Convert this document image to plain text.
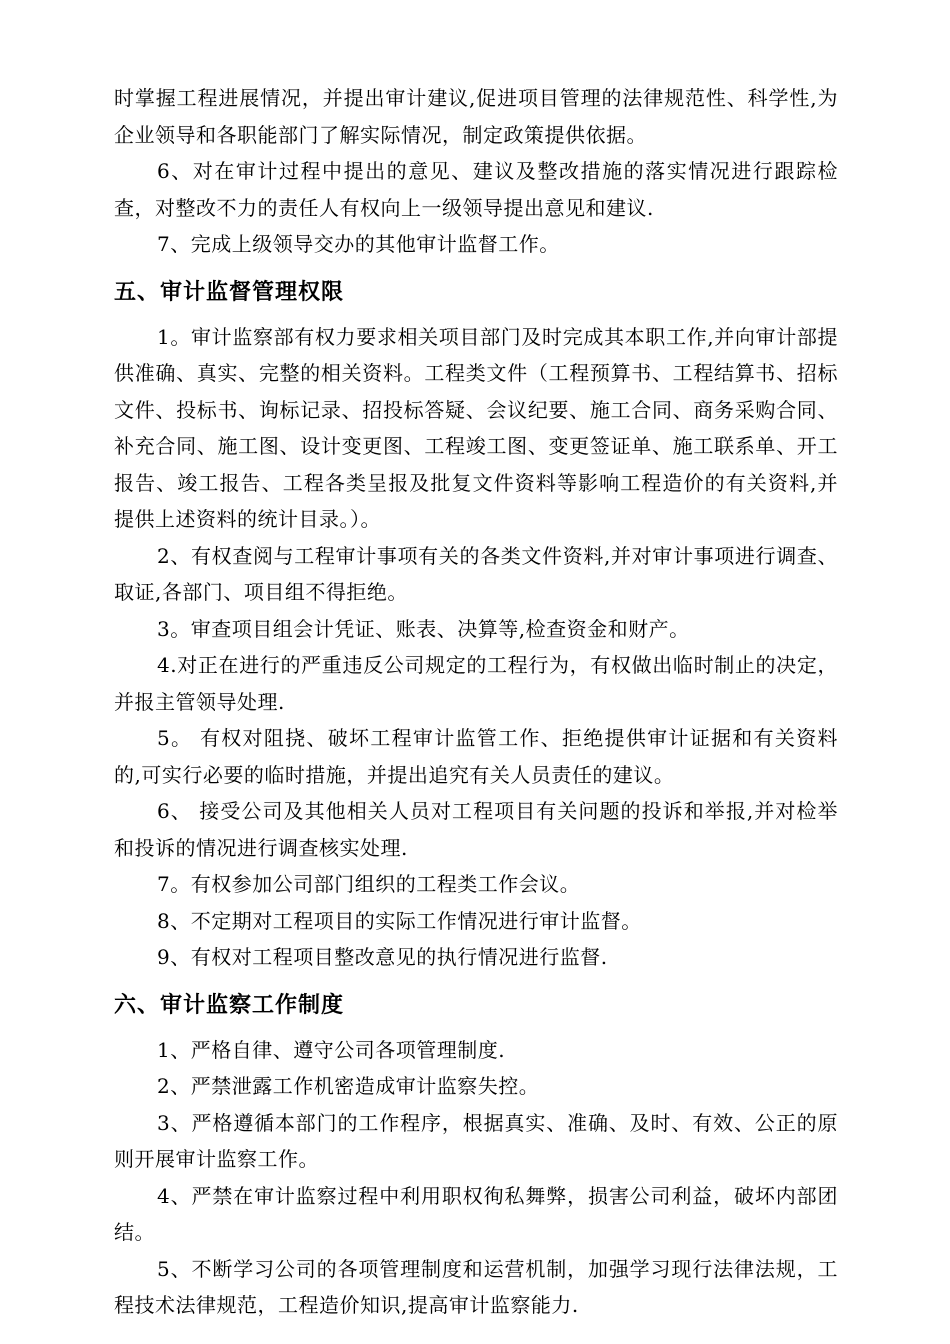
时掌握工程进展情况，并提出审计建议,促进项目管理的法律规范性、科学性,为企业领导和各职能部门了解实际情况，制定政策提供依据。

6、对在审计过程中提出的意见、建议及整改措施的落实情况进行跟踪检查，对整改不力的责任人有权向上一级领导提出意见和建议.

7、完成上级领导交办的其他审计监督工作。

五、审计监督管理权限

1。审计监察部有权力要求相关项目部门及时完成其本职工作,并向审计部提供准确、真实、完整的相关资料。工程类文件（工程预算书、工程结算书、招标文件、投标书、询标记录、招投标答疑、会议纪要、施工合同、商务采购合同、补充合同、施工图、设计变更图、工程竣工图、变更签证单、施工联系单、开工报告、竣工报告、工程各类呈报及批复文件资料等影响工程造价的有关资料,并提供上述资料的统计目录。）。

2、有权查阅与工程审计事项有关的各类文件资料,并对审计事项进行调查、取证,各部门、项目组不得拒绝。

3。审查项目组会计凭证、账表、决算等,检查资金和财产。

4.对正在进行的严重违反公司规定的工程行为，有权做出临时制止的决定，并报主管领导处理.

5。 有权对阻挠、破坏工程审计监管工作、拒绝提供审计证据和有关资料的,可实行必要的临时措施，并提出追究有关人员责任的建议。

6、 接受公司及其他相关人员对工程项目有关问题的投诉和举报,并对检举和投诉的情况进行调查核实处理.

7。有权参加公司部门组织的工程类工作会议。

8、不定期对工程项目的实际工作情况进行审计监督。

9、有权对工程项目整改意见的执行情况进行监督.

六、审计监察工作制度

1、严格自律、遵守公司各项管理制度.

2、严禁泄露工作机密造成审计监察失控。

3、严格遵循本部门的工作程序，根据真实、准确、及时、有效、公正的原则开展审计监察工作。

4、严禁在审计监察过程中利用职权徇私舞弊，损害公司利益，破坏内部团结。

5、不断学习公司的各项管理制度和运营机制，加强学习现行法律法规，工程技术法律规范，工程造价知识,提高审计监察能力.
